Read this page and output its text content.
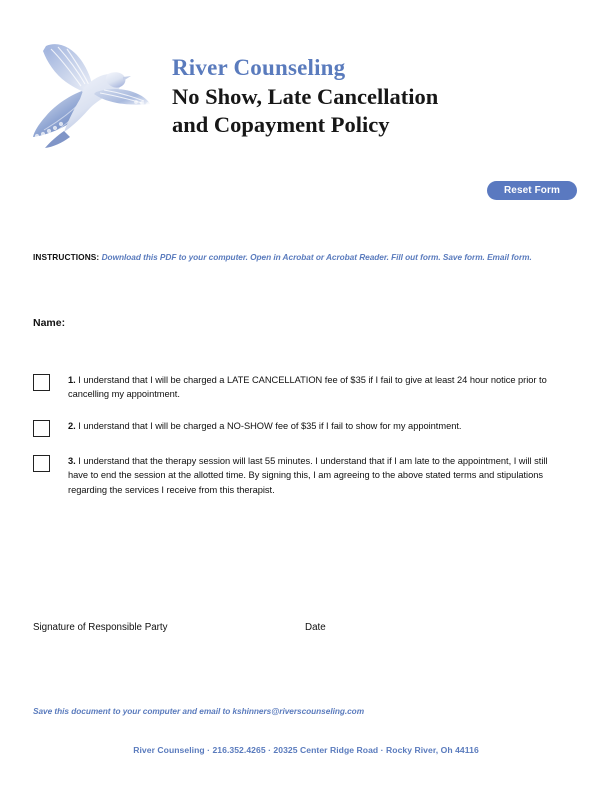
River Counseling
No Show, Late Cancellation
and Copayment Policy
Reset Form
INSTRUCTIONS: Download this PDF to your computer. Open in Acrobat or Acrobat Reader. Fill out form. Save form. Email form.
Name:
1. I understand that I will be charged a LATE CANCELLATION fee of $35 if I fail to give at least 24 hour notice prior to cancelling my appointment.
2. I understand that I will be charged a NO-SHOW fee of $35 if I fail to show for my appointment.
3. I understand that the therapy session will last 55 minutes. I understand that if I am late to the appointment, I will still have to end the session at the allotted time. By signing this, I am agreeing to the above stated terms and stipulations regarding the services I receive from this therapist.
Signature of Responsible Party	Date
Save this document to your computer and email to kshinners@riverscounseling.com
River Counseling · 216.352.4265 · 20325 Center Ridge Road · Rocky River, Oh 44116
